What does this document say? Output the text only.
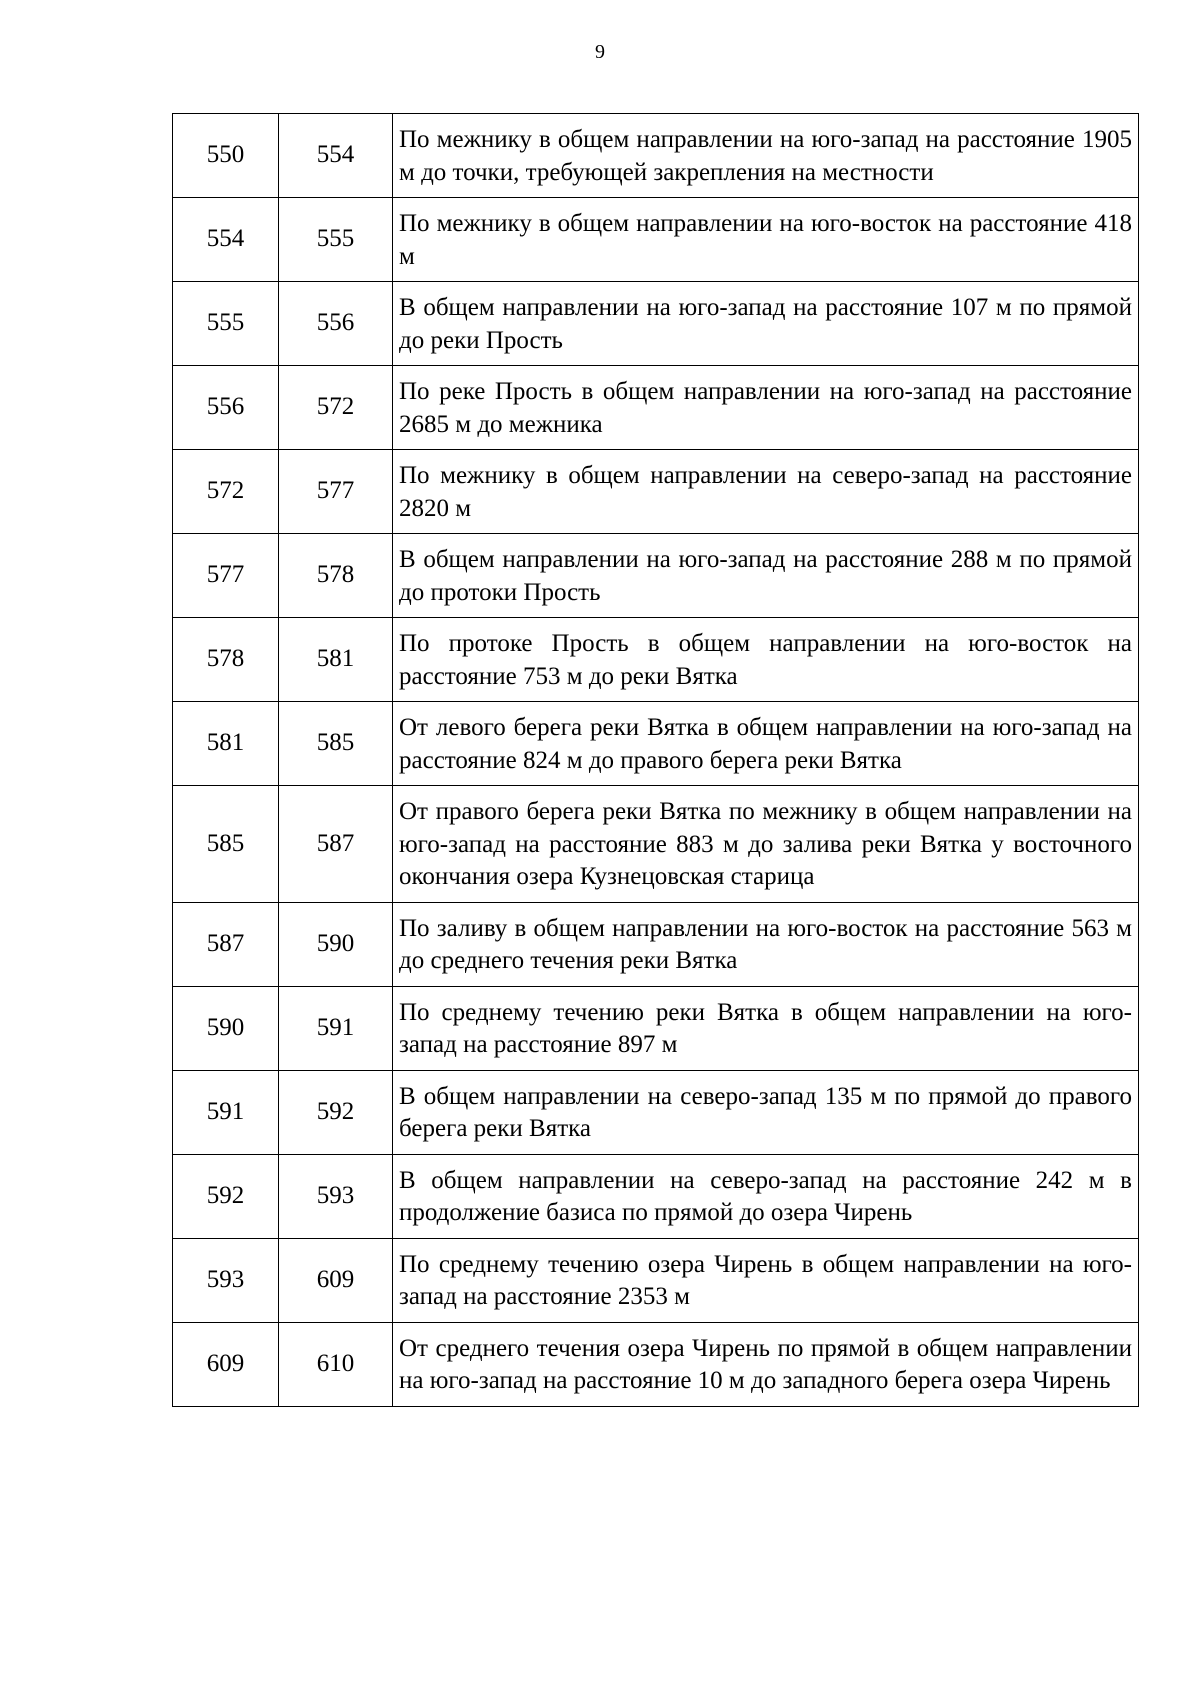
9
550	554	По межнику в общем направлении на юго-запад на расстояние 1905 м до точки, требующей закрепления на местности
554	555	По межнику в общем направлении на юго-восток на расстояние 418 м
555	556	В общем направлении на юго-запад на расстояние 107 м по прямой до реки Прость
556	572	По реке Прость в общем направлении на юго-запад на расстояние 2685 м до межника
572	577	По межнику в общем направлении на северо-запад на расстояние 2820 м
577	578	В общем направлении на юго-запад на расстояние 288 м по прямой до протоки Прость
578	581	По протоке Прость в общем направлении на юго-восток на расстояние 753 м до реки Вятка
581	585	От левого берега реки Вятка в общем направлении на юго-запад на расстояние 824 м до правого берега реки Вятка
585	587	От правого берега реки Вятка по межнику в общем направлении на юго-запад на расстояние 883 м до залива реки Вятка у восточного окончания озера Кузнецовская старица
587	590	По заливу в общем направлении на юго-восток на расстояние 563 м до среднего течения реки Вятка
590	591	По среднему течению реки Вятка в общем направлении на юго-запад на расстояние 897 м
591	592	В общем направлении на северо-запад 135 м по прямой до правого берега реки Вятка
592	593	В общем направлении на северо-запад на расстояние 242 м в продолжение базиса по прямой до озера Чирень
593	609	По среднему течению озера Чирень в общем направлении на юго-запад на расстояние 2353 м
609	610	От среднего течения озера Чирень по прямой в общем направлении на юго-запад на расстояние 10 м до западного берега озера Чирень
